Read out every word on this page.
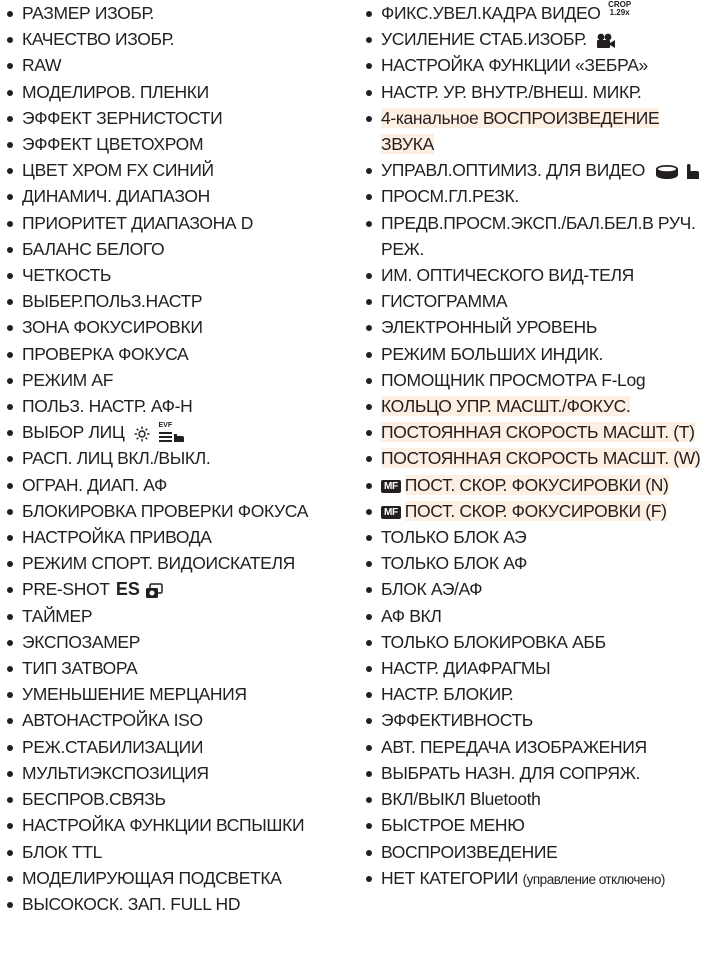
РАЗМЕР ИЗОБР.
КАЧЕСТВО ИЗОБР.
RAW
МОДЕЛИРОВ. ПЛЕНКИ
ЭФФЕКТ ЗЕРНИСТОСТИ
ЭФФЕКТ ЦВЕТОХРОМ
ЦВЕТ ХРОМ FX СИНИЙ
ДИНАМИЧ. ДИАПАЗОН
ПРИОРИТЕТ ДИАПАЗОНА D
БАЛАНС БЕЛОГО
ЧЕТКОСТЬ
ВЫБЕР.ПОЛЬЗ.НАСТР
ЗОНА ФОКУСИРОВКИ
ПРОВЕРКА ФОКУСА
РЕЖИМ AF
ПОЛЬЗ. НАСТР. АФ-Н
ВЫБОР ЛИЦ	EVF
РАСП. ЛИЦ ВКЛ./ВЫКЛ.
ОГРАН. ДИАП. АФ
БЛОКИРОВКА ПРОВЕРКИ ФОКУСА
НАСТРОЙКА ПРИВОДА
РЕЖИМ СПОРТ. ВИДОИСКАТЕЛЯ
PRE-SHOT ES
ТАЙМЕР
ЭКСПОЗАМЕР
ТИП ЗАТВОРА
УМЕНЬШЕНИЕ МЕРЦАНИЯ
АВТОНАСТРОЙКА ISO
РЕЖ.СТАБИЛИЗАЦИИ
МУЛЬТИЭКСПОЗИЦИЯ
БЕСПРОВ.СВЯЗЬ
НАСТРОЙКА ФУНКЦИИ ВСПЫШКИ
БЛОК TTL
МОДЕЛИРУЮЩАЯ ПОДСВЕТКА
ВЫСОКОСК. ЗАП. FULL HD
ФИКС.УВЕЛ.КАДРА ВИДЕО CROP
1.29x
УСИЛЕНИЕ СТАБ.ИЗОБР.
НАСТРОЙКА ФУНКЦИИ «ЗЕБРА»
НАСТР. УР. ВНУТР./ВНЕШ. МИКР.
4-канальное ВОСПРОИЗВЕДЕНИЕ ЗВУКА
УПРАВЛ.ОПТИМИЗ. ДЛЯ ВИДЕО
ПРОСМ.ГЛ.РЕЗК.
ПРЕДВ.ПРОСМ.ЭКСП./БАЛ.БЕЛ.В РУЧ. РЕЖ.
ИМ. ОПТИЧЕСКОГО ВИД-ТЕЛЯ
ГИСТОГРАММА
ЭЛЕКТРОННЫЙ УРОВЕНЬ
РЕЖИМ БОЛЬШИХ ИНДИК.
ПОМОЩНИК ПРОСМОТРА F-Log
КОЛЬЦО УПР. МАСШТ./ФОКУС.
ПОСТОЯННАЯ СКОРОСТЬ МАСШТ. (T)
ПОСТОЯННАЯ СКОРОСТЬ МАСШТ. (W)
MF ПОСТ. СКОР. ФОКУСИРОВКИ (N)
MF ПОСТ. СКОР. ФОКУСИРОВКИ (F)
ТОЛЬКО БЛОК АЭ
ТОЛЬКО БЛОК АФ
БЛОК АЭ/АФ
АФ ВКЛ
ТОЛЬКО БЛОКИРОВКА АББ
НАСТР. ДИАФРАГМЫ
НАСТР. БЛОКИР.
ЭФФЕКТИВНОСТЬ
АВТ. ПЕРЕДАЧА ИЗОБРАЖЕНИЯ
ВЫБРАТЬ НАЗН. ДЛЯ СОПРЯЖ.
ВКЛ/ВЫКЛ Bluetooth
БЫСТРОЕ МЕНЮ
ВОСПРОИЗВЕДЕНИЕ
НЕТ КАТЕГОРИИ (управление отключено)
